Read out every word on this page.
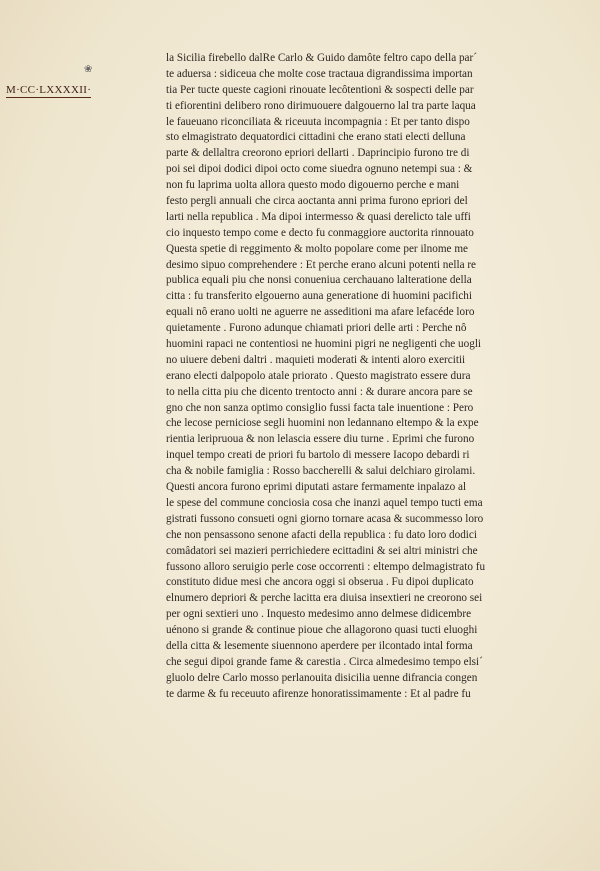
❀
M·CC·LXXXXII·
la Sicilia firebello dalRe Carlo & Guido damôte feltro capo della par´
te aduersa : sidiceua che molte cose tractaua digrandissima importan
tia Per tucte queste cagioni rinouate lecôtentioni & sospecti delle par
ti efiorentini delibero rono dirimuouere dalgouerno lal tra parte laqua
le faueuano riconciliata & riceuuta incompagnia : Et per tanto dispo
sto elmagistrato dequatordici cittadini che erano stati electi delluna
parte & dellaltra creorono epriori dellarti . Daprincipio furono tre di
poi sei dipoi dodici dipoi octo come siuedra ognuno netempi sua : &
non fu laprima uolta allora questo modo digouerno perche e mani
festo pergli annuali che circa aoctanta anni prima furono epriori del
larti nella republica . Ma dipoi intermesso & quasi derelicto tale uffi
cio inquesto tempo come e decto fu conmaggiore auctorita rinnouato
Questa spetie di reggimento & molto popolare come per ilnome me
desimo sipuo comprehendere : Et perche erano alcuni potenti nella re
publica equali piu che nonsi conueniua cerchauano lalteratione della
citta : fu transferito elgouerno auna generatione di huomini pacifichi
equali nô erano uolti ne aguerre ne asseditioni ma afare lefacéde loro
quietamente . Furono adunque chiamati priori delle arti : Perche nô
huomini rapaci ne contentiosi ne huomini pigri ne negligenti che uogli
no uiuere debeni daltri . maquieti moderati & intenti aloro exercitii
erano electi dalpopolo atale priorato . Questo magistrato essere dura
to nella citta piu che dicento trentocto anni : & durare ancora pare se
gno che non sanza optimo consiglio fussi facta tale inuentione : Pero
che lecose perniciose segli huomini non ledannano eltempo & la expe
rientia leripruoua & non lelascia essere diu turne . Eprimi che furono
inquel tempo creati de priori fu bartolo di messere Iacopo debardi ri
cha & nobile famiglia : Rosso baccherelli & salui delchiaro girolami.
Questi ancora furono eprimi diputati astare fermamente inpalazo al
le spese del commune conciosia cosa che inanzi aquel tempo tucti ema
gistrati fussono consueti ogni giorno tornare acasa & sucommesso loro
che non pensassono senone afacti della republica : fu dato loro dodici
comâdatori sei mazieri perrichiedere ecittadini & sei altri ministri che
fussono alloro seruigio perle cose occorrenti : eltempo delmagistrato fu
constituto didue mesi che ancora oggi si obseruа . Fu dipoi duplicato
elnumero depriori & perche lacitta era diuisa insextieri ne creorono sei
per ogni sextieri uno . Inquesto medesimo anno delmese didicembre
uénono si grande & continue pioue che allagorono quasi tucti eluoghi
della citta & lesemente siuennono aperdere per ilcontado intal forma
che segui dipoi grande fame & carestia . Circa almedesimo tempo elsi´
gluolo delre Carlo mosso perlanouita disicilia uenne difrancia congen
te darme & fu receuuto afirenze honoratissimamente : Et al padre fu
